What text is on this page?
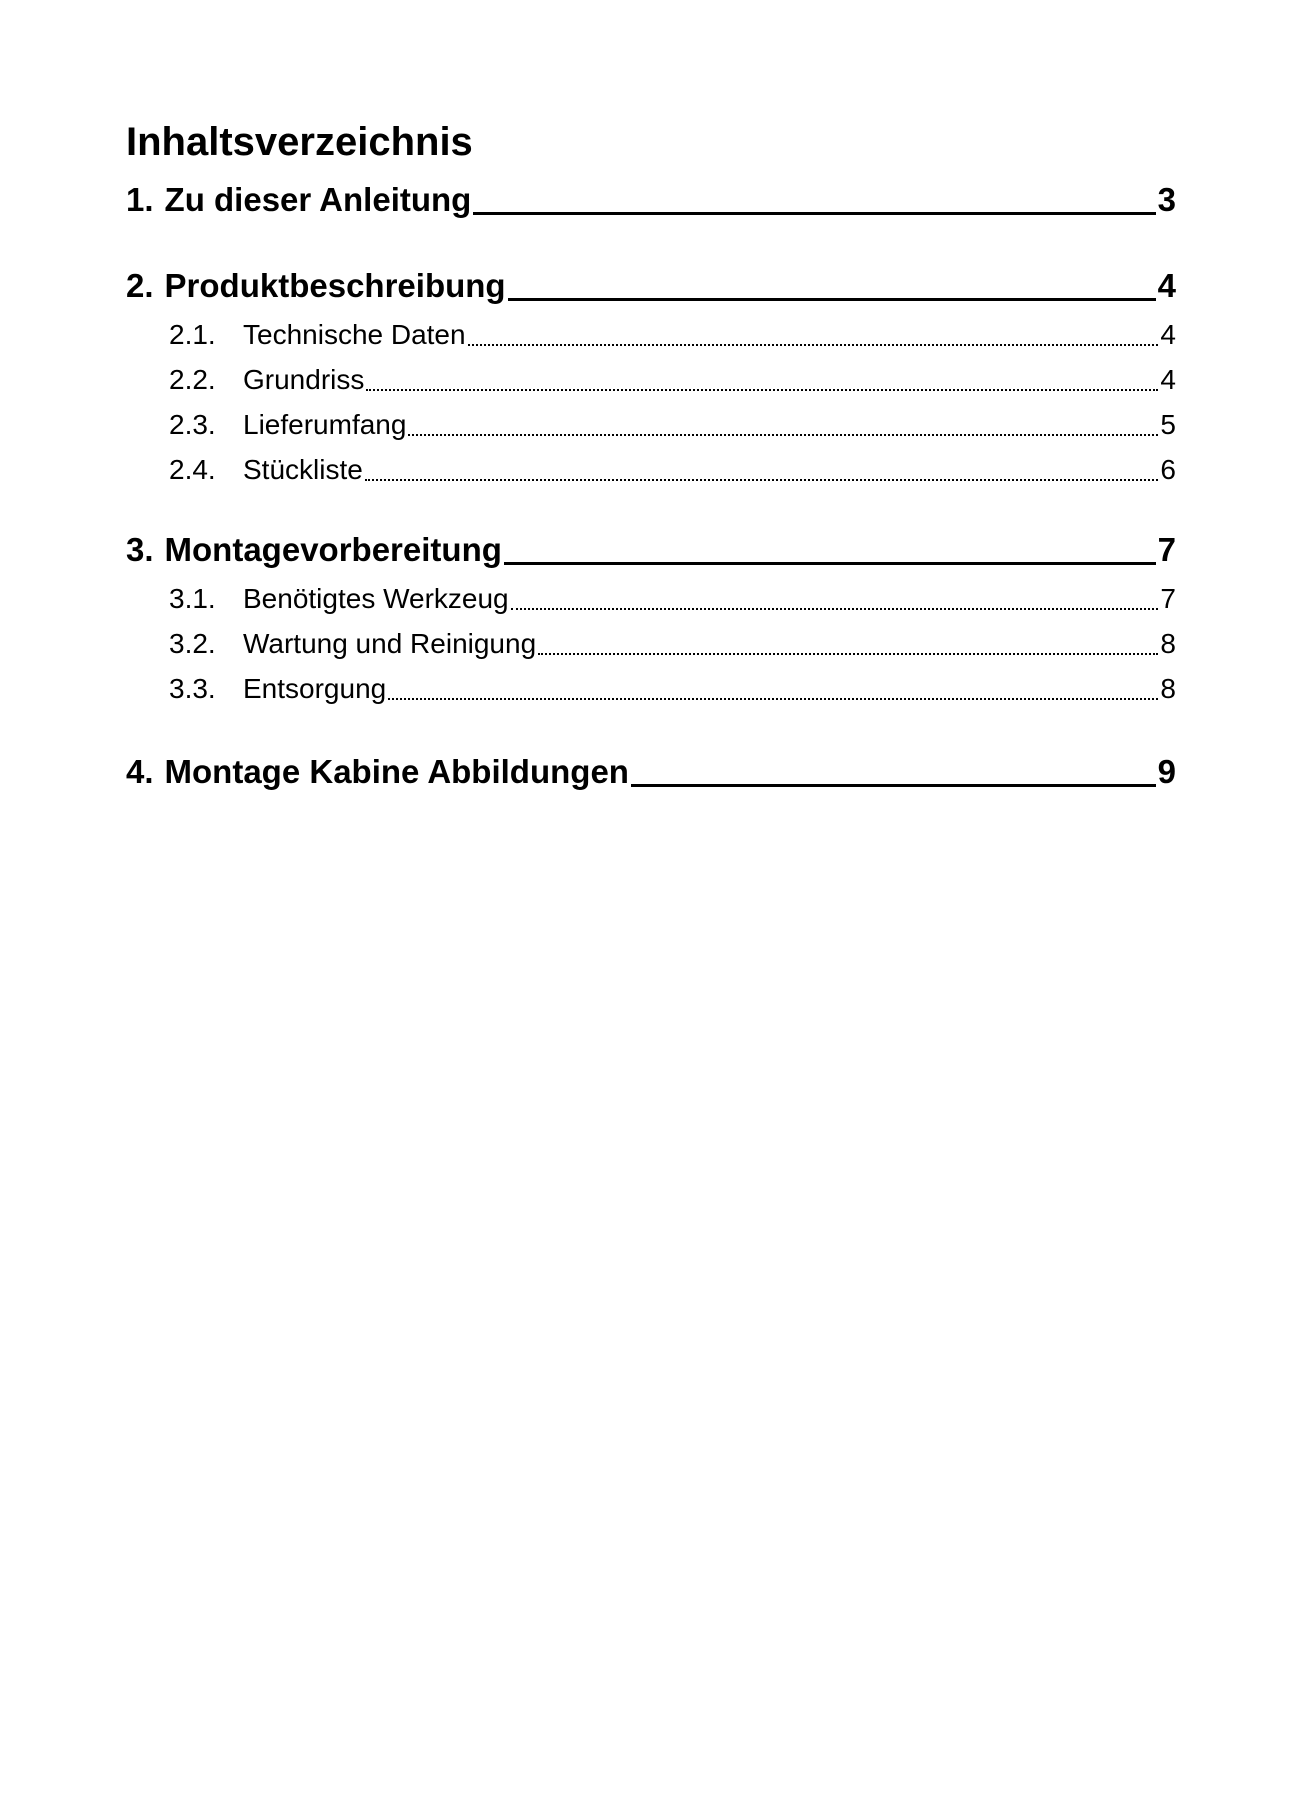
Inhaltsverzeichnis
1. Zu dieser Anleitung	3
2. Produktbeschreibung	4
2.1. Technische Daten	4
2.2. Grundriss	4
2.3. Lieferumfang	5
2.4. Stückliste	6
3. Montagevorbereitung	7
3.1. Benötigtes Werkzeug	7
3.2. Wartung und Reinigung	8
3.3. Entsorgung	8
4. Montage Kabine Abbildungen	9
